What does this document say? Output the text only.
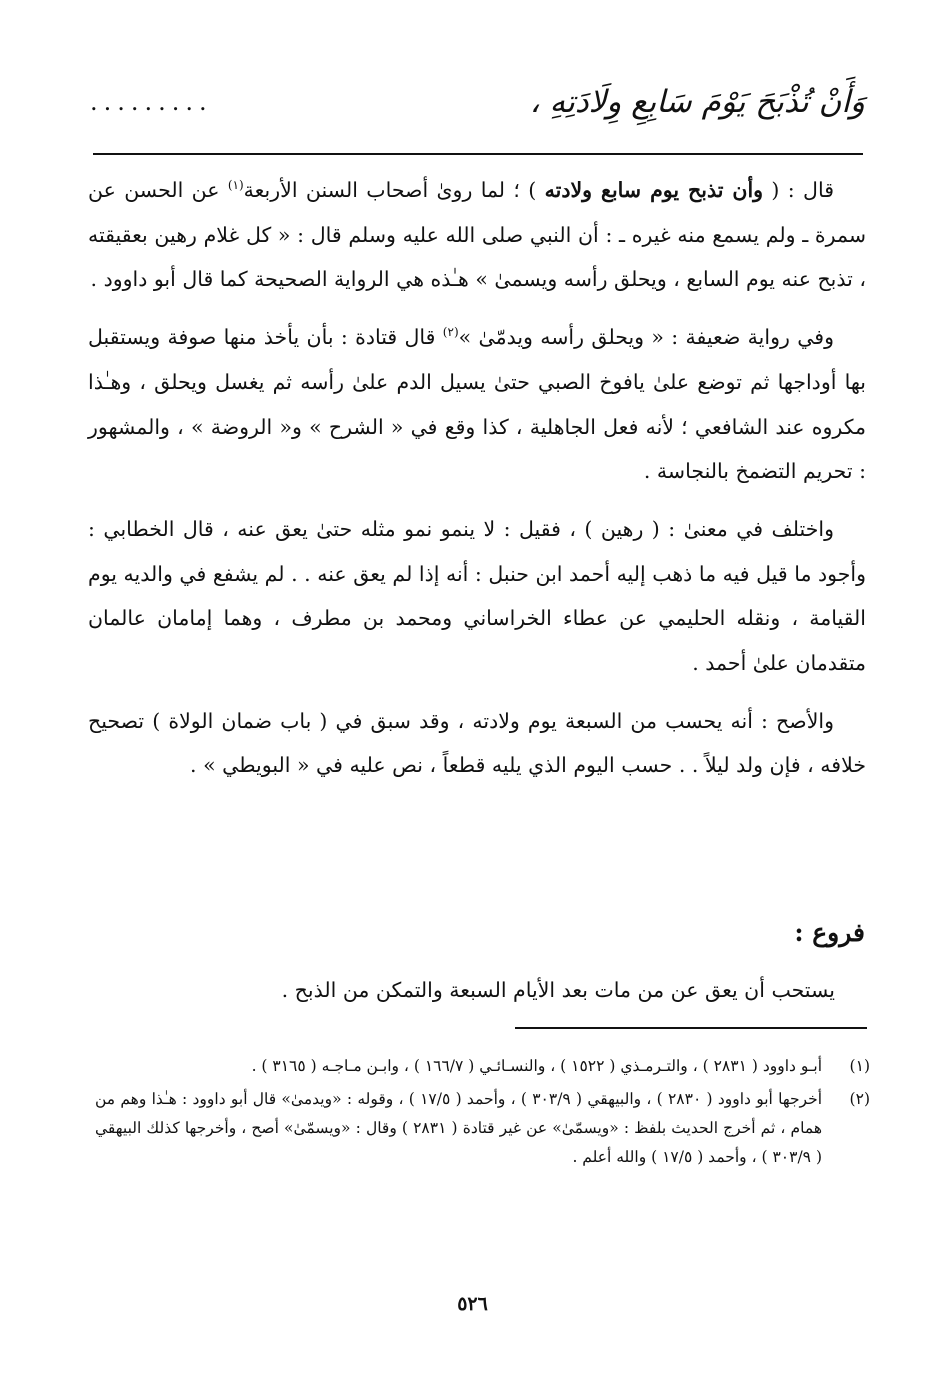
وَأَنْ تُذْبَحَ يَوْمَ سَابِعِ وِلَادَتِهِ ،
.........

قال : ( وأن تذبح يوم سابع ولادته ) ؛ لما روىٰ أصحاب السنن الأربعة$^{(١)}$ عن الحسن عن سمرة ـ ولم يسمع منه غيره ـ : أن النبي صلى الله عليه وسلم قال : « كل غلام رهين بعقيقته ، تذبح عنه يوم السابع ، ويحلق رأسه ويسمىٰ » هـٰذه هي الرواية الصحيحة كما قال أبو داوود .

وفي رواية ضعيفة : « ويحلق رأسه ويدمّىٰ »$^{(٢)}$ قال قتادة : بأن يأخذ منها صوفة ويستقبل بها أوداجها ثم توضع علىٰ يافوخ الصبي حتىٰ يسيل الدم علىٰ رأسه ثم يغسل ويحلق ، وهـٰذا مكروه عند الشافعي ؛ لأنه فعل الجاهلية ، كذا وقع في « الشرح » و« الروضة » ، والمشهور : تحريم التضمخ بالنجاسة .

واختلف في معنىٰ : ( رهين ) ، فقيل : لا ينمو نمو مثله حتىٰ يعق عنه ، قال الخطابي : وأجود ما قيل فيه ما ذهب إليه أحمد ابن حنبل : أنه إذا لم يعق عنه . . لم يشفع في والديه يوم القيامة ، ونقله الحليمي عن عطاء الخراساني ومحمد بن مطرف ، وهما إمامان عالمان متقدمان علىٰ أحمد .

والأصح : أنه يحسب من السبعة يوم ولادته ، وقد سبق في ( باب ضمان الولاة ) تصحيح خلافه ، فإن ولد ليلاً . . حسب اليوم الذي يليه قطعاً ، نص عليه في « البويطي » .

فروع :
يستحب أن يعق عن من مات بعد الأيام السبعة والتمكن من الذبح .
(١)
أبـو داوود ( ٢٨٣١ ) ، والتـرمـذي ( ١٥٢٢ ) ، والنسـائـي ( ١٦٦/٧ ) ، وابـن مـاجـه ( ٣١٦٥ ) .
(٢)
أخرجها أبو داوود ( ٢٨٣٠ ) ، والبيهقي ( ٣٠٣/٩ ) ، وأحمد ( ١٧/٥ ) ، وقوله : «ويدمىٰ» قال أبو داوود : هـٰذا وهم من همام ، ثم أخرج الحديث بلفظ : «ويسمّىٰ» عن غير قتادة ( ٢٨٣١ ) وقال : «ويسمّىٰ» أصح ، وأخرجها كذلك البيهقي ( ٣٠٣/٩ ) ، وأحمد ( ١٧/٥ ) والله أعلم .
٥٢٦
